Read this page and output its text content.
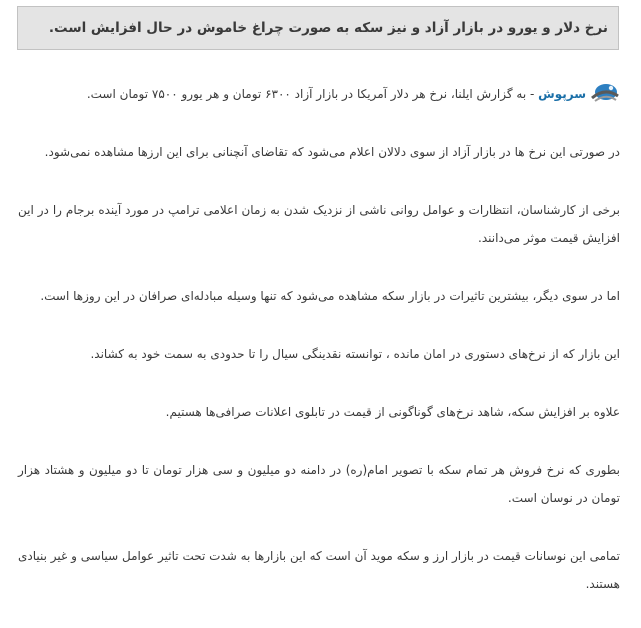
نرخ دلار و یورو در بازار آزاد و نیز سکه به صورت چراغ خاموش در حال افزایش است.

سرپوش - به گزارش ایلنا، نرخ هر دلار آمریکا در بازار آزاد ۶۳۰۰ تومان و هر یورو ۷۵۰۰ تومان است.

در صورتی این نرخ ها در بازار آزاد از سوی دلالان اعلام می‌شود که تقاضای آنچنانی برای این ارزها مشاهده نمی‌شود.

برخی از کارشناسان، انتظارات و عوامل روانی ناشی از نزدیک شدن به زمان اعلامی ترامپ در مورد آینده برجام را در این افزایش قیمت موثر می‌دانند.

اما در سوی دیگر، بیشترین تاثیرات در بازار سکه مشاهده می‌شود که تنها وسیله مبادله‌ای صرافان در این روزها است.

این بازار که از نرخ‌های دستوری در امان مانده ، توانسته نقدینگی سیال را تا حدودی به سمت خود به کشاند.

علاوه بر افزایش سکه، شاهد نرخ‌های گوناگونی از قیمت در تابلوی اعلانات صرافی‌ها هستیم.

بطوری که نرخ فروش هر تمام سکه با تصویر امام(ره) در دامنه دو میلیون و سی هزار تومان تا دو میلیون و هشتاد هزار تومان در نوسان است.

تمامی این نوسانات قیمت در بازار ارز و سکه موید آن است که این بازارها به شدت تحت تاثیر عوامل سیاسی و غیر بنیادی هستند.
